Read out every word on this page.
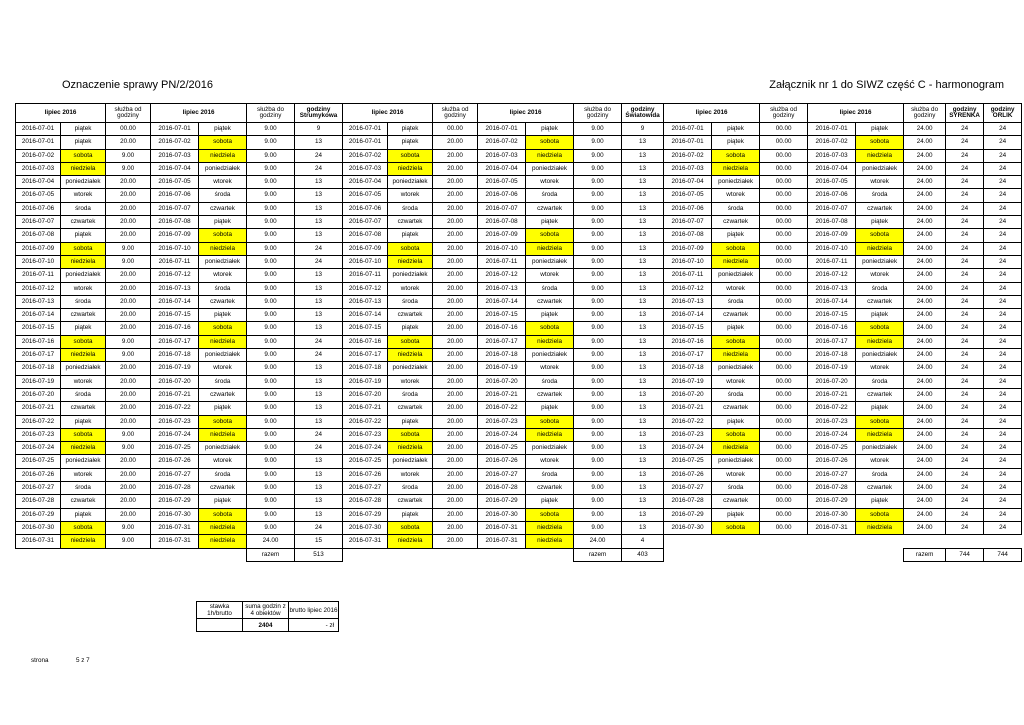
Oznaczenie sprawy PN/2/2016	Załącznik nr 1 do SIWZ część C - harmonogram
lipiec 2016		służba od godziny	lipiec 2016		służba do godziny	godziny Strumykowa	lipiec 2016		służba od godziny	lipiec 2016		służba do godziny	godziny Światowida	lipiec 2016		służba od godziny	lipiec 2016		służba do godziny	godziny SYRENKA	godziny ORLIK
2016-07-01	piątek	00.00	2016-07-01	piątek	9.00	9	2016-07-01	piątek	00.00	2016-07-01	piątek	9.00	9	2016-07-01	piątek	00.00	2016-07-01	piątek	24.00	24	24
2016-07-01	piątek	20.00	2016-07-02	sobota	9.00	13	2016-07-01	piątek	20.00	2016-07-02	sobota	9.00	13	2016-07-01	piątek	00.00	2016-07-02	sobota	24.00	24	24
2016-07-02	sobota	9.00	2016-07-03	niedziela	9.00	24	2016-07-02	sobota	20.00	2016-07-03	niedziela	9.00	13	2016-07-02	sobota	00.00	2016-07-03	niedziela	24.00	24	24
2016-07-03	niedziela	9.00	2016-07-04	poniedziałek	9.00	24	2016-07-03	niedziela	20.00	2016-07-04	poniedziałek	9.00	13	2016-07-03	niedziela	00.00	2016-07-04	poniedziałek	24.00	24	24
2016-07-04	poniedziałek	20.00	2016-07-05	wtorek	9.00	13	2016-07-04	poniedziałek	20.00	2016-07-05	wtorek	9.00	13	2016-07-04	poniedziałek	00.00	2016-07-05	wtorek	24.00	24	24
2016-07-05	wtorek	20.00	2016-07-06	środa	9.00	13	2016-07-05	wtorek	20.00	2016-07-06	środa	9.00	13	2016-07-05	wtorek	00.00	2016-07-06	środa	24.00	24	24
2016-07-06	środa	20.00	2016-07-07	czwartek	9.00	13	2016-07-06	środa	20.00	2016-07-07	czwartek	9.00	13	2016-07-06	środa	00.00	2016-07-07	czwartek	24.00	24	24
2016-07-07	czwartek	20.00	2016-07-08	piątek	9.00	13	2016-07-07	czwartek	20.00	2016-07-08	piątek	9.00	13	2016-07-07	czwartek	00.00	2016-07-08	piątek	24.00	24	24
2016-07-08	piątek	20.00	2016-07-09	sobota	9.00	13	2016-07-08	piątek	20.00	2016-07-09	sobota	9.00	13	2016-07-08	piątek	00.00	2016-07-09	sobota	24.00	24	24
2016-07-09	sobota	9.00	2016-07-10	niedziela	9.00	24	2016-07-09	sobota	20.00	2016-07-10	niedziela	9.00	13	2016-07-09	sobota	00.00	2016-07-10	niedziela	24.00	24	24
2016-07-10	niedziela	9.00	2016-07-11	poniedziałek	9.00	24	2016-07-10	niedziela	20.00	2016-07-11	poniedziałek	9.00	13	2016-07-10	niedziela	00.00	2016-07-11	poniedziałek	24.00	24	24
2016-07-11	poniedziałek	20.00	2016-07-12	wtorek	9.00	13	2016-07-11	poniedziałek	20.00	2016-07-12	wtorek	9.00	13	2016-07-11	poniedziałek	00.00	2016-07-12	wtorek	24.00	24	24
2016-07-12	wtorek	20.00	2016-07-13	środa	9.00	13	2016-07-12	wtorek	20.00	2016-07-13	środa	9.00	13	2016-07-12	wtorek	00.00	2016-07-13	środa	24.00	24	24
2016-07-13	środa	20.00	2016-07-14	czwartek	9.00	13	2016-07-13	środa	20.00	2016-07-14	czwartek	9.00	13	2016-07-13	środa	00.00	2016-07-14	czwartek	24.00	24	24
2016-07-14	czwartek	20.00	2016-07-15	piątek	9.00	13	2016-07-14	czwartek	20.00	2016-07-15	piątek	9.00	13	2016-07-14	czwartek	00.00	2016-07-15	piątek	24.00	24	24
2016-07-15	piątek	20.00	2016-07-16	sobota	9.00	13	2016-07-15	piątek	20.00	2016-07-16	sobota	9.00	13	2016-07-15	piątek	00.00	2016-07-16	sobota	24.00	24	24
2016-07-16	sobota	9.00	2016-07-17	niedziela	9.00	24	2016-07-16	sobota	20.00	2016-07-17	niedziela	9.00	13	2016-07-16	sobota	00.00	2016-07-17	niedziela	24.00	24	24
2016-07-17	niedziela	9.00	2016-07-18	poniedziałek	9.00	24	2016-07-17	niedziela	20.00	2016-07-18	poniedziałek	9.00	13	2016-07-17	niedziela	00.00	2016-07-18	poniedziałek	24.00	24	24
2016-07-18	poniedziałek	20.00	2016-07-19	wtorek	9.00	13	2016-07-18	poniedziałek	20.00	2016-07-19	wtorek	9.00	13	2016-07-18	poniedziałek	00.00	2016-07-19	wtorek	24.00	24	24
2016-07-19	wtorek	20.00	2016-07-20	środa	9.00	13	2016-07-19	wtorek	20.00	2016-07-20	środa	9.00	13	2016-07-19	wtorek	00.00	2016-07-20	środa	24.00	24	24
2016-07-20	środa	20.00	2016-07-21	czwartek	9.00	13	2016-07-20	środa	20.00	2016-07-21	czwartek	9.00	13	2016-07-20	środa	00.00	2016-07-21	czwartek	24.00	24	24
2016-07-21	czwartek	20.00	2016-07-22	piątek	9.00	13	2016-07-21	czwartek	20.00	2016-07-22	piątek	9.00	13	2016-07-21	czwartek	00.00	2016-07-22	piątek	24.00	24	24
2016-07-22	piątek	20.00	2016-07-23	sobota	9.00	13	2016-07-22	piątek	20.00	2016-07-23	sobota	9.00	13	2016-07-22	piątek	00.00	2016-07-23	sobota	24.00	24	24
2016-07-23	sobota	9.00	2016-07-24	niedziela	9.00	24	2016-07-23	sobota	20.00	2016-07-24	niedziela	9.00	13	2016-07-23	sobota	00.00	2016-07-24	niedziela	24.00	24	24
2016-07-24	niedziela	9.00	2016-07-25	poniedziałek	9.00	24	2016-07-24	niedziela	20.00	2016-07-25	poniedziałek	9.00	13	2016-07-24	niedziela	00.00	2016-07-25	poniedziałek	24.00	24	24
2016-07-25	poniedziałek	20.00	2016-07-26	wtorek	9.00	13	2016-07-25	poniedziałek	20.00	2016-07-26	wtorek	9.00	13	2016-07-25	poniedziałek	00.00	2016-07-26	wtorek	24.00	24	24
2016-07-26	wtorek	20.00	2016-07-27	środa	9.00	13	2016-07-26	wtorek	20.00	2016-07-27	środa	9.00	13	2016-07-26	wtorek	00.00	2016-07-27	środa	24.00	24	24
2016-07-27	środa	20.00	2016-07-28	czwartek	9.00	13	2016-07-27	środa	20.00	2016-07-28	czwartek	9.00	13	2016-07-27	środa	00.00	2016-07-28	czwartek	24.00	24	24
2016-07-28	czwartek	20.00	2016-07-29	piątek	9.00	13	2016-07-28	czwartek	20.00	2016-07-29	piątek	9.00	13	2016-07-28	czwartek	00.00	2016-07-29	piątek	24.00	24	24
2016-07-29	piątek	20.00	2016-07-30	sobota	9.00	13	2016-07-29	piątek	20.00	2016-07-30	sobota	9.00	13	2016-07-29	piątek	00.00	2016-07-30	sobota	24.00	24	24
2016-07-30	sobota	9.00	2016-07-31	niedziela	9.00	24	2016-07-30	sobota	20.00	2016-07-31	niedziela	9.00	13	2016-07-30	sobota	00.00	2016-07-31	niedziela	24.00	24	24
2016-07-31	niedziela	9.00	2016-07-31	niedziela	24.00	15	2016-07-31	niedziela	20.00	2016-07-31	niedziela	24.00	4								
					razem	513						razem	403						razem	744	744
stawka 1h/brutto	suma godzin z 4 obiektów	brutto lipiec 2016
	2404	- zł
strona	5 z 7
